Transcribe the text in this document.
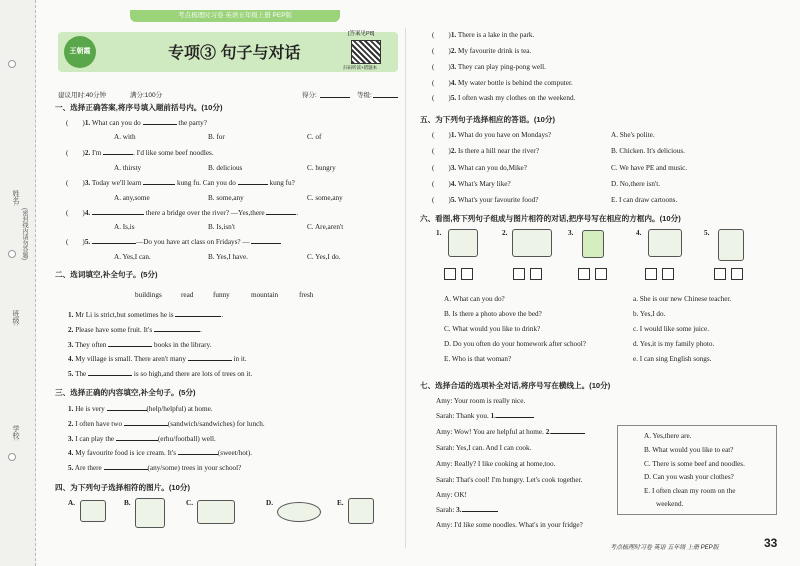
考点梳理时习卷 英语五年级上册 PEP版
姓名:
(密封线内请勿答题)
班级:
学校:
王朝霞	专项③ 句子与对话
[答案见P8]
扫码听读+错题本
建议用时:40分钟	满分:100分	得分:	等级:
一、选择正确答案,将序号填入题前括号内。(10分)
( )1. What can you do	the party?
A. with	B. for	C. of
( )2. I'm	. I'd like some beef noodles.
A. thirsty	B. delicious	C. hungry
( )3. Today we'll learn	kung fu. Can you do	kung fu?
A. any,some	B. some,any	C. some,any
( )4.	there a bridge over the river? —Yes,there	.
A. Is,is	B. Is,isn't	C. Are,aren't
( )5.	—Do you have art class on Fridays? —
A. Yes,I can.	B. Yes,I have.	C. Yes,I do.
二、选词填空,补全句子。(5分)
buildings	read	funny	mountain	fresh
1. Mr Li is strict,but sometimes he is	.
2. Please have some fruit. It's	.
3. They often	books in the library.
4. My village is small. There aren't many	in it.
5. The	is so high,and there are lots of trees on it.
三、选择正确的内容填空,补全句子。(5分)
1. He is very	(help/helpful) at home.
2. I often have two	(sandwich/sandwiches) for lunch.
3. I can play the	(erhu/football) well.
4. My favourite food is ice cream. It's	(sweet/hot).
5. Are there	(any/some) trees in your school?
四、为下列句子选择相符的图片。(10分)
A.	B.	C.	D.	E.
( )1. There is a lake in the park.
( )2. My favourite drink is tea.
( )3. They can play ping-pong well.
( )4. My water bottle is behind the computer.
( )5. I often wash my clothes on the weekend.
五、为下列句子选择相应的答语。(10分)
( )1. What do you have on Mondays?	A. She's polite.
( )2. Is there a hill near the river?	B. Chicken. It's delicious.
( )3. What can you do,Mike?	C. We have PE and music.
( )4. What's Mary like?	D. No,there isn't.
( )5. What's your favourite food?	E. I can draw cartoons.
六、看图,将下列句子组成与图片相符的对话,把序号写在相应的方框内。(10分)
1.	2.	3.	4.	5.
A. What can you do?
B. Is there a photo above the bed?
C. What would you like to drink?
D. Do you often do your homework after school?
E. Who is that woman?
a. She is our new Chinese teacher.
b. Yes,I do.
c. I would like some juice.
d. Yes,it is my family photo.
e. I can sing English songs.
七、选择合适的选项补全对话,将序号写在横线上。(10分)
Amy: Your room is really nice.
Sarah: Thank you. 1.
Amy: Wow! You are helpful at home. 2.
Sarah: Yes,I can. And I can cook.
Amy: Really? I like cooking at home,too.
Sarah: That's cool! I'm hungry. Let's cook together.
Amy: OK!
Sarah: 3.
Amy: I'd like some noodles. What's in your fridge?
A. Yes,there are.
B. What would you like to eat?
C. There is some beef and noodles.
D. Can you wash your clothes?
E. I often clean my room on the
weekend.
考点梳理时习卷 英语 五年级 上册 PEP版	33
